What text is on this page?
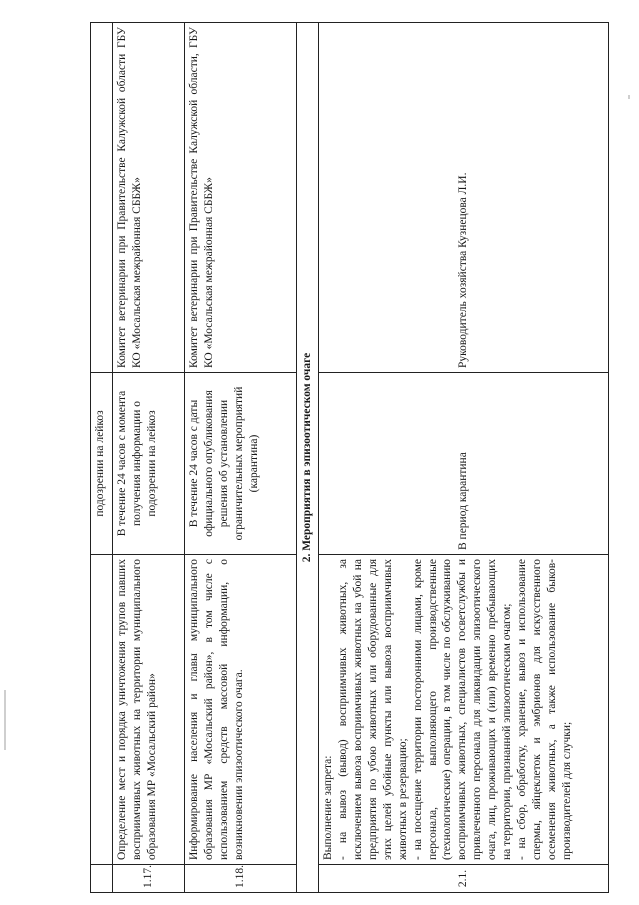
		подозрении на лейкоз	
1.17.	Определение мест и порядка уничтожения трупов павших восприимчивых животных на территории муниципального образования МР «Мосальский район»	В течение 24 часов с момента получения информации о подозрении на лейкоз	Комитет ветеринарии при Правительстве Калужской области ГБУ КО «Мосальская межрайонная СББЖ»
1.18.	Информирование населения и главы муниципального образования МР «Мосальский район», в том числе с использованием средств массовой информации, о возникновении эпизоотического очага.	В течение 24 часов с даты официального опубликования решения об установлении ограничительных мероприятий (карантина)	Комитет ветеринарии при Правительстве Калужской области, ГБУ КО «Мосальская межрайонная СББЖ»
2. Мероприятия в эпизоотическом очаге			
2.1.	Выполнение запрета: - на вывоз (вывод) восприимчивых животных, за исключением вывоза восприимчивых животных на убой на предприятия по убою животных или оборудованные для этих целей убойные пункты или вывоза восприимчивых животных в резервацию; - на посещение территории посторонними лицами, кроме персонала, выполняющего производственные (технологические) операции, в том числе по обслуживанию восприимчивых животных, специалистов госветслужбы и привлеченного персонала для ликвидации эпизоотического очага, лиц, проживающих и (или) временно пребывающих на территории, признанной эпизоотическим очагом; - на сбор, обработку, хранение, вывоз и использование спермы, яйцеклеток и эмбрионов для искусственного осеменения животных, а также использование быков-производителей для случки;	В период карантина	Руководитель хозяйства Кузнецова Л.И.
